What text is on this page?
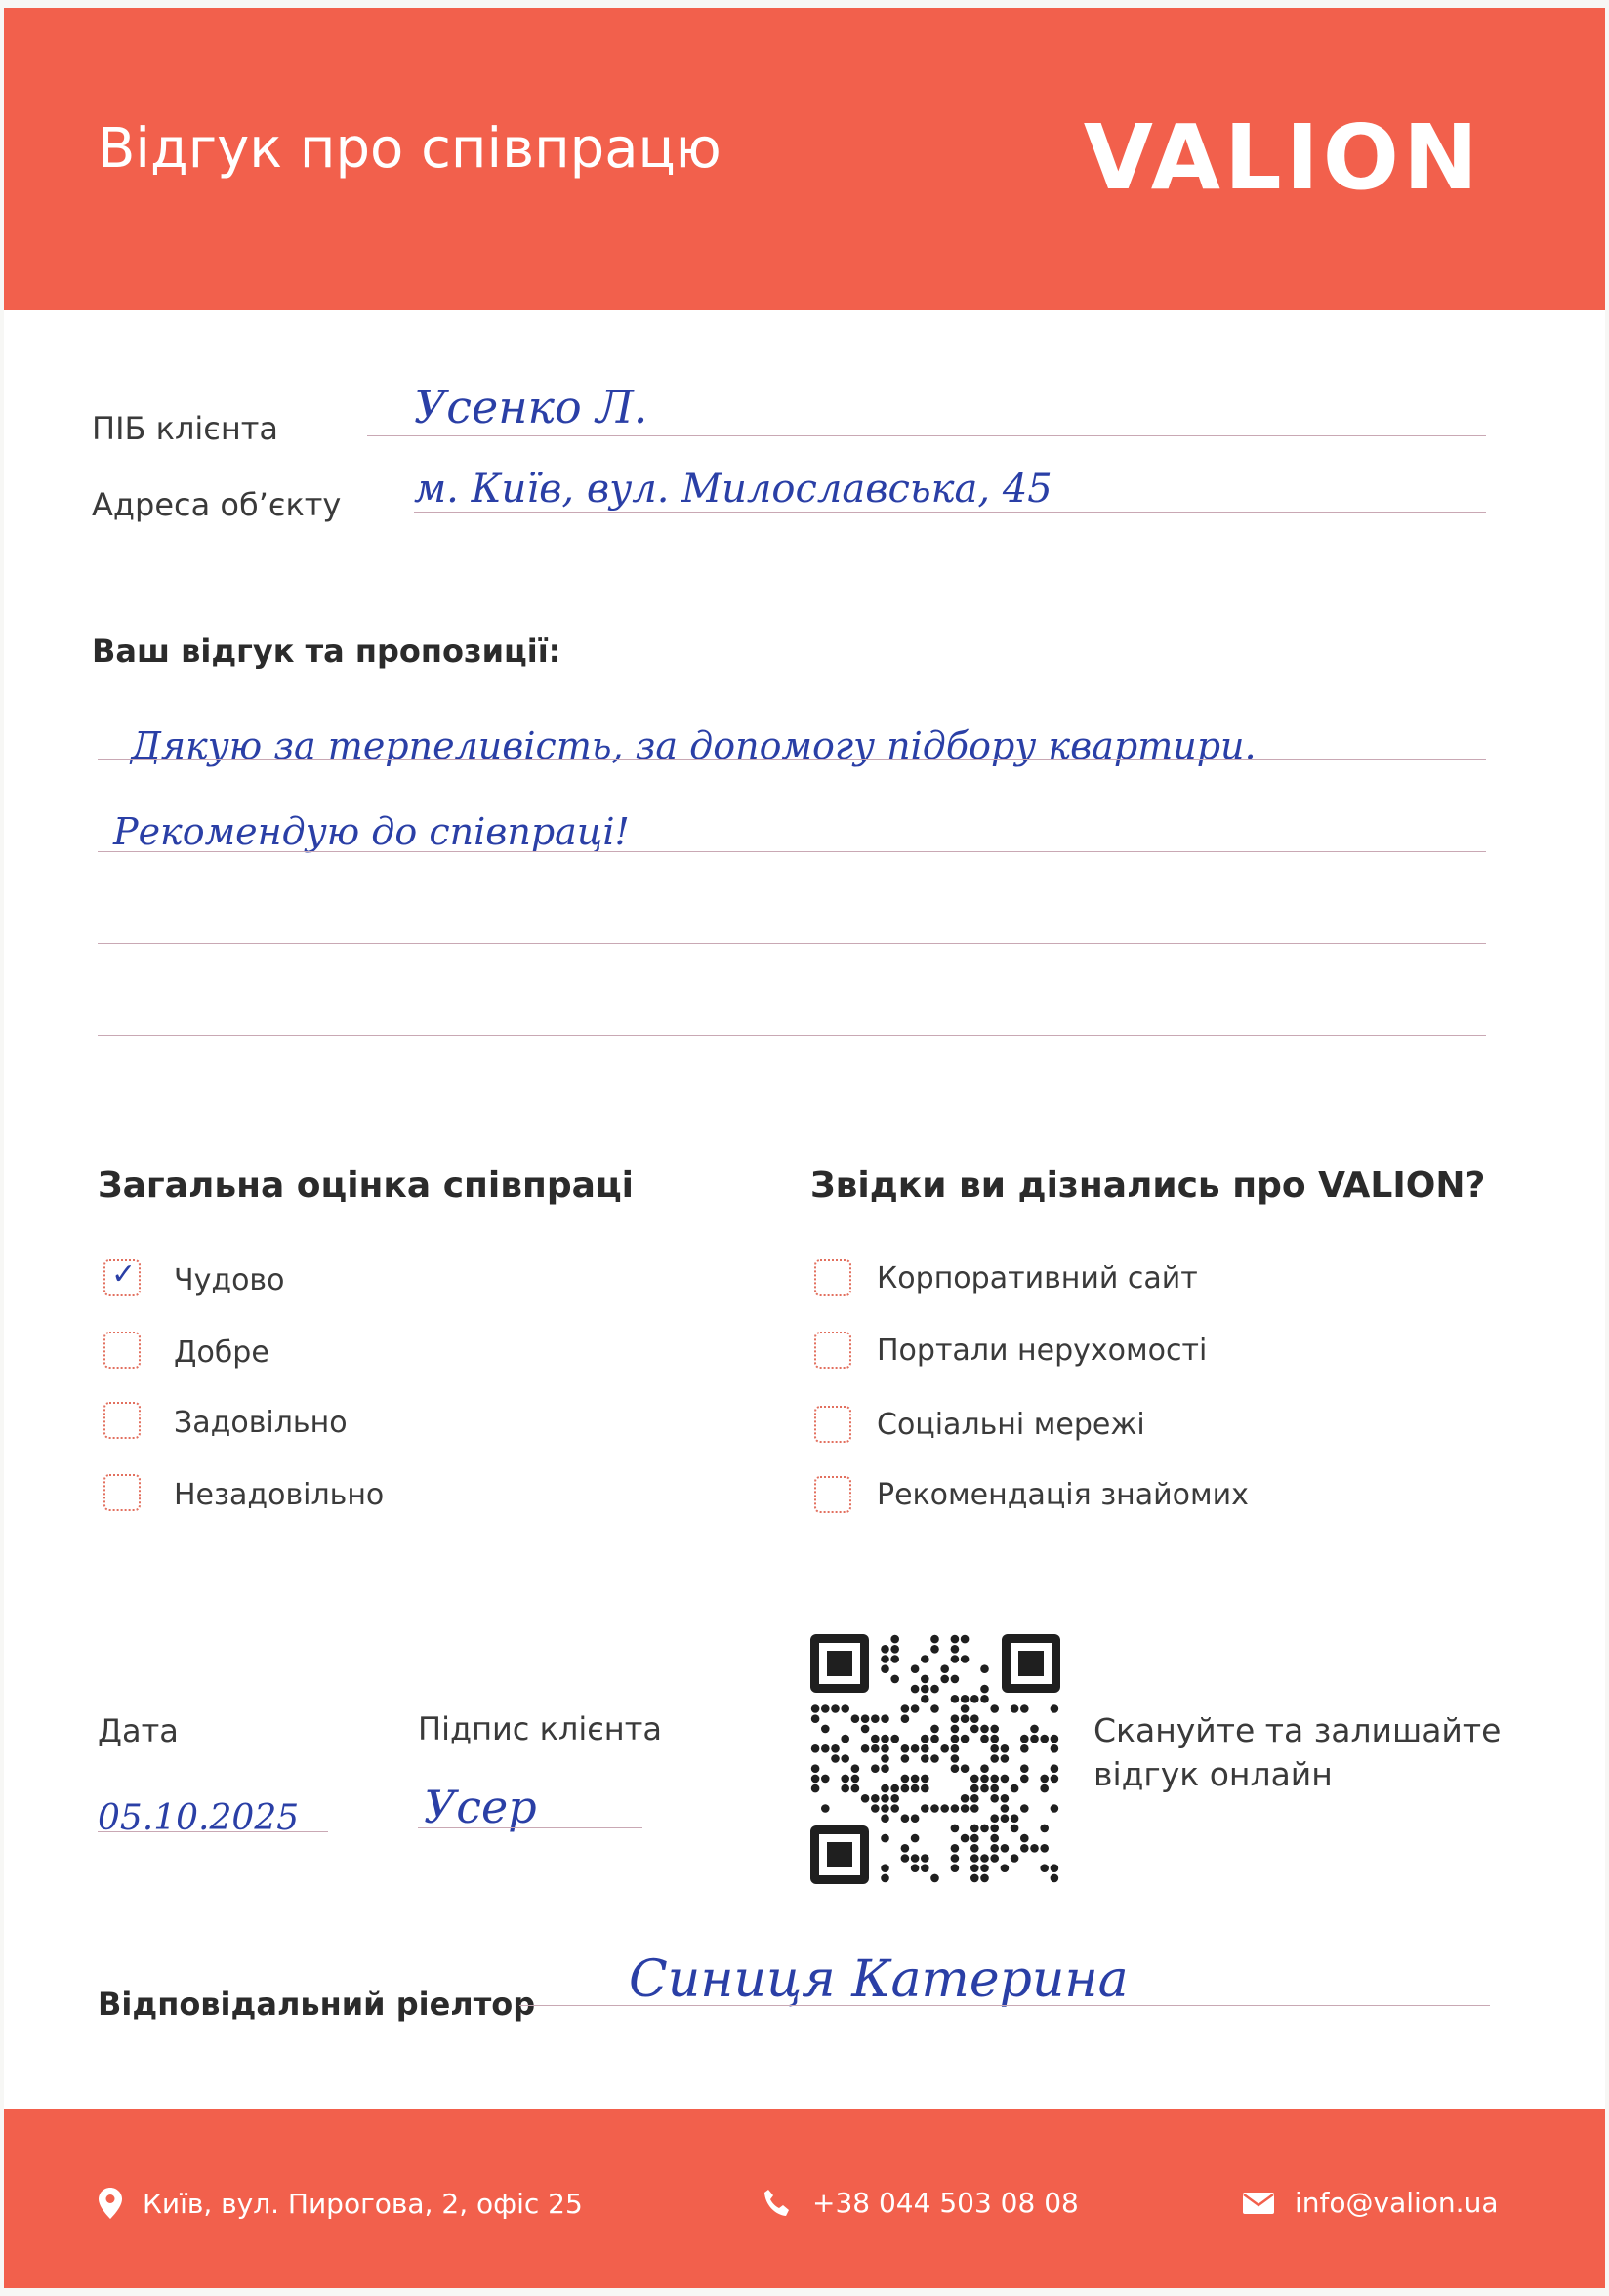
Відгук про співпрацю	VALION
ПІБ клієнта	Усенко Л.
Адреса об’єкту м. Київ, вул. Милославська, 45
Ваш відгук та пропозиції:
Дякую за терпеливість, за допомогу підбору квартири.
Рекомендую до співпраці!
Загальна оцінка співпраці
✓ Чудово
Добре
Задовільно
Незадовільно
Звідки ви дізнались про VALION?
Корпоративний сайт
Портали нерухомості
Соціальні мережі
Рекомендація знайомих
Дата
05.10.2025
Підпис клієнта
Усер
Скануйте та залишайте
відгук онлайн
Відповідальний ріелтор Синиця Катерина
Київ, вул. Пирогова, 2, офіс 25	+38 044 503 08 08	info@valion.ua
